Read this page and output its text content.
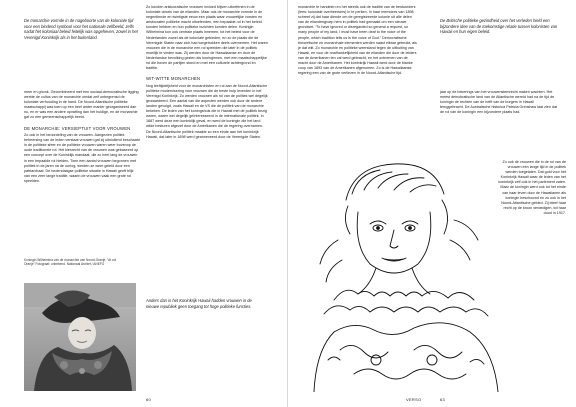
De monarchie vormde in de nageboorte van de koloniale tijd voor een bindend symbool voor het nationale zelfbeeld, zelfs nadat het koloniaal beleid feitelijk was opgeheven, zowel in het Verenigd Koninkrijk als in het buitenland.

meer en ghonk. Gecombineerd met een sociaal-democratische ligging werkte de cultus van de monarchie omdat zelf onbegrensd de koloniale verhouding in de hand. De Noord-Atlantische politieke maatschappij was toen op een heel ander manier georganiseerd dan nu, en er was een andere opvatting dan het huidige, en de monarchie gaf zo een gemeenschappelijk beeld.

DE MONARCHIE: VERSIEPTUIT VOOR VROUWEN

Zo ook in het beoordeling van de vrouwen. Aangezien politiek beheersing van de leden verstaat vrouwen gaf zij uitsluitend beschaafd in de politieke sfeer en de politieke vrouwen waren weer bovenop de oude traditionele rol. Het kiesrecht van de vrouwen was gebaseerd op een concept over de Koninklijk mandaat, die zo heel lang de vrouwen in een bepaalde rol hielden. Toen een aantal vrouwen begonnen met politiek in de jaren na de oorlog, werden ze weer geleid door een patriarchaat. De hedendaagse politieke situatie in Hawaii geeft blijk van een zeer lange traditie, waarin de vrouwen vaak een grote rol speelden.

Koningin Wilhelmina van de monarchie van Noord-Oranje, “At vol Oranje” Fotograaf: onbekend. Nationaal Archief / ANEFO

Zo konden aristocratische vrouwen invloed blijven uitoefenen in de koloniale cirkels van de eilanden. Maar ook de monarchie vormde in de negentiende en twintigste eeuw een plaats waar vrouwelijke vorsten en aristocraten politieke macht uitoefenden, een bepaalde rol in het beleid konden hebben en hun politieke inzichten konden delen. Koningin Wilhelmina kon ook centrale plaats innemen, tot het beleid voor de Nederlanden zowel als de koloniale gebieden, en zo de plaats die de Verenigde Staten naar zich had toegetrokken deels overnemen. Het waren vrouwen die in de monarchie een rol speelden die later in de politiek moeilijk te vinden was. Zij werden door de Hawaiiaanse en door de Nederlandse bevolking gezien als koninginnen, met een maatschappelijke rol die boven de partijen stond en met een culturele achtergrond en traditie.

WIT-WITTE MONARCHEN

Nog leeftijdelijkheid voor de monarchisten en rol aan de Noord-Atlantische politieke modernisering voor vrouwen die de beste hulp leverden in het Verenigd Koninkrijk. Zo werden vrouwen als rol van de politiek wel degelijk gewaardeerd. Een aantal van die aspecten werden ook door de andere landen gevolgd, zoals Hawaii en de VS die de politiek van de monarchie bekeken. De leden van het koningshuis die in Hawaii met de politiek bezig waren, waren wel degelijk geïnteresseerd in de internationale politiek. In 1887 werd deze een koninklijk geval, en werd de koningin die het land wilde besturen afgezet door de Amerikanen die de regering overnamen. De Noord-Atlantische politiek maakte zo een einde aan het koninkrijk Hawaii, dat later in 1898 werd geannexeerd door de Verenigde Staten.

Anders dan in het Koninkrijk Hawaii hadden vrouwen in de nieuwe republiek geen toegang tot hoge politieke functies.
60
monarchie te handelen en het steeds ook de traditie van de bestuurders (lees: koloniale overheersers) in te perken. In haar memoires van 1898 schreef zij dat haar diende om de geregistreerde kolonie uit alle delen van de eilandengroep hem in politiek had gemaakt om een nieuwe grondwet. “To have ignored or disregarded so general a request, so many people of my land, I must have been deaf to the voice of the people, which tradition tells us is the voice of God.” Democratische theoretische en monarchale elementen werden naast elkaar gebruikt, als je dat wilt. Zo monarchie en politieke weerstand tegen de uitbuiting van Hawaii, en voor de onafhankelijkheid van de eilanden die door de leiders van de Amerikanen ten val werd gebracht, en het ontnemen van de macht door de Amerikanen. Het koninkrijk Hawaii werd door de blanke coup van 1893 van de Amerikanen afgenomen. Zo is de Hawaiiaanse regering een van de grote verliezen in de Noord-Atlantische tijd.
De Britische politieke gezindheid over het verleden hield een bijzondere idee van de toekomstige relatie tussen kolonisten van Hawaii en hun eigen beleid.
jaar op de bekerings van het vrouwenstemrecht maken wachten. Het meest demokratische land van de Atlantische wereld had na de tijd de koningin de rechten van de helft van de burgers in Hawaii teruggebracht. De Australische historica Patricia Grimshaw laat zien dat de rol van de koningin een bijzondere plaats had.
Zo ook de vrouwen die in de rol van de vrouwen een lange tijd in de politiek werden toegelaten. Dat gold voor het Koninkrijk Hawaii waar de leden van het koninkrijk zelf ook in het parlement zaten. Maar de koningin werd ook tot het einde van haar leven door de Hawaiianen als koningin beschouwd en zo ook in het Noord-Atlantische gebied. Zij bleef haar recht op de kroon verdedigen, tot haar dood in 1917.
VERSO	63
